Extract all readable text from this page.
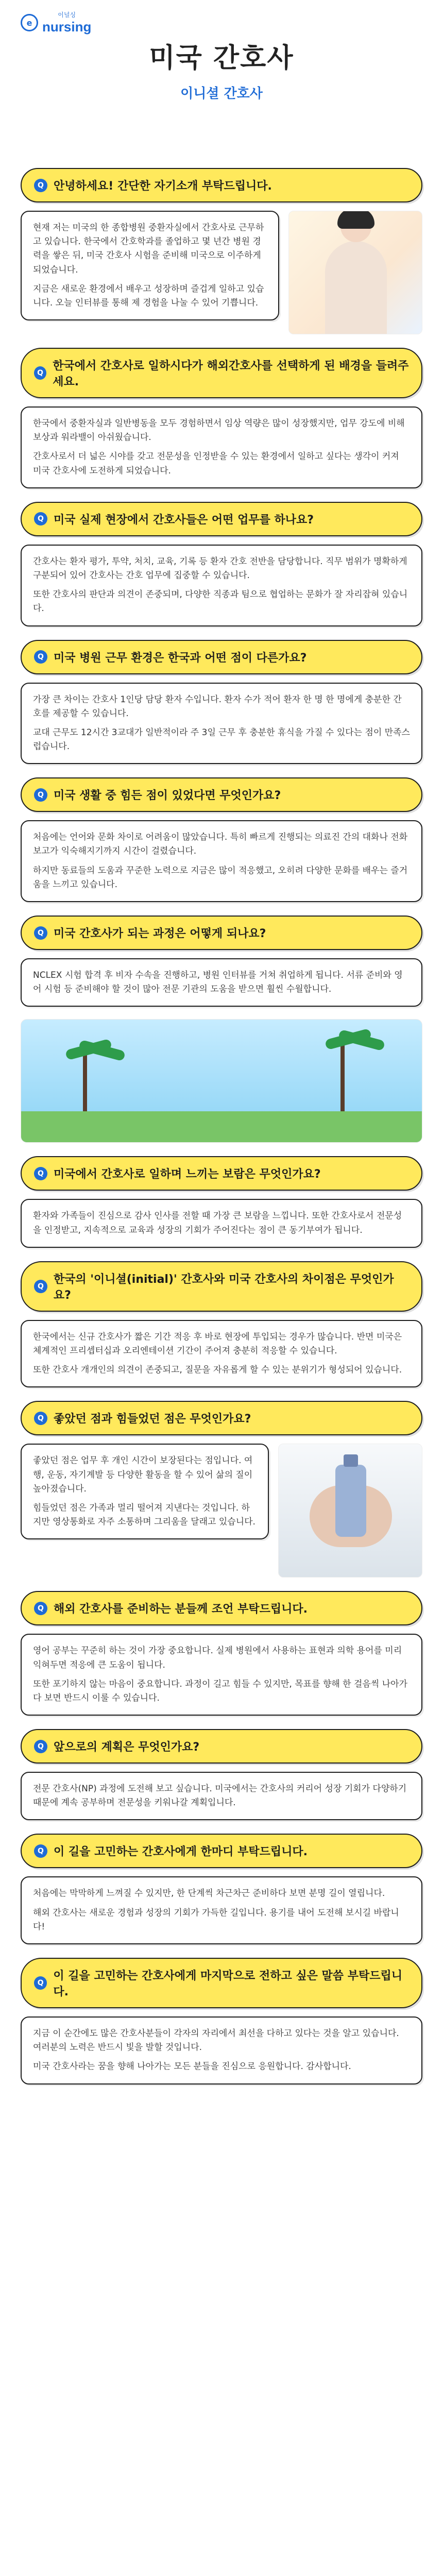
e
이널싱
nursing
미국 간호사
이니셜 간호사
Q 안녕하세요! 간단한 자기소개 부탁드립니다.

현재 저는 미국의 한 종합병원 중환자실에서 간호사로 근무하고 있습니다. 한국에서 간호학과를 졸업하고 몇 년간 병원 경력을 쌓은 뒤, 미국 간호사 시험을 준비해 미국으로 이주하게 되었습니다.

지금은 새로운 환경에서 배우고 성장하며 즐겁게 일하고 있습니다. 오늘 인터뷰를 통해 제 경험을 나눌 수 있어 기쁩니다.

Q
한국에서 간호사로 일하시다가 해외간호사를 선택하게 된 배경을 들려주세요.

한국에서 중환자실과 일반병동을 모두 경험하면서 임상 역량은 많이 성장했지만, 업무 강도에 비해 보상과 워라밸이 아쉬웠습니다.

간호사로서 더 넓은 시야를 갖고 전문성을 인정받을 수 있는 환경에서 일하고 싶다는 생각이 커져 미국 간호사에 도전하게 되었습니다.

Q 미국 실제 현장에서 간호사들은 어떤 업무를 하나요?

간호사는 환자 평가, 투약, 처치, 교육, 기록 등 환자 간호 전반을 담당합니다. 직무 범위가 명확하게 구분되어 있어 간호사는 간호 업무에 집중할 수 있습니다.

또한 간호사의 판단과 의견이 존중되며, 다양한 직종과 팀으로 협업하는 문화가 잘 자리잡혀 있습니다.

Q 미국 병원 근무 환경은 한국과 어떤 점이 다른가요?

가장 큰 차이는 간호사 1인당 담당 환자 수입니다. 환자 수가 적어 환자 한 명 한 명에게 충분한 간호를 제공할 수 있습니다.

교대 근무도 12시간 3교대가 일반적이라 주 3일 근무 후 충분한 휴식을 가질 수 있다는 점이 만족스럽습니다.

Q 미국 생활 중 힘든 점이 있었다면 무엇인가요?

처음에는 언어와 문화 차이로 어려움이 많았습니다. 특히 빠르게 진행되는 의료진 간의 대화나 전화 보고가 익숙해지기까지 시간이 걸렸습니다.

하지만 동료들의 도움과 꾸준한 노력으로 지금은 많이 적응했고, 오히려 다양한 문화를 배우는 즐거움을 느끼고 있습니다.

Q 미국 간호사가 되는 과정은 어떻게 되나요?

NCLEX 시험 합격 후 비자 수속을 진행하고, 병원 인터뷰를 거쳐 취업하게 됩니다. 서류 준비와 영어 시험 등 준비해야 할 것이 많아 전문 기관의 도움을 받으면 훨씬 수월합니다.

Q 미국에서 간호사로 일하며 느끼는 보람은 무엇인가요?

환자와 가족들이 진심으로 감사 인사를 전할 때 가장 큰 보람을 느낍니다. 또한 간호사로서 전문성을 인정받고, 지속적으로 교육과 성장의 기회가 주어진다는 점이 큰 동기부여가 됩니다.

Q
한국의 '이니셜(initial)' 간호사와 미국 간호사의 차이점은 무엇인가요?

한국에서는 신규 간호사가 짧은 기간 적응 후 바로 현장에 투입되는 경우가 많습니다. 반면 미국은 체계적인 프리셉터십과 오리엔테이션 기간이 주어져 충분히 적응할 수 있습니다.

또한 간호사 개개인의 의견이 존중되고, 질문을 자유롭게 할 수 있는 분위기가 형성되어 있습니다.

Q 좋았던 점과 힘들었던 점은 무엇인가요?

좋았던 점은 업무 후 개인 시간이 보장된다는 점입니다. 여행, 운동, 자기계발 등 다양한 활동을 할 수 있어 삶의 질이 높아졌습니다.

힘들었던 점은 가족과 멀리 떨어져 지낸다는 것입니다. 하지만 영상통화로 자주 소통하며 그리움을 달래고 있습니다.

Q 해외 간호사를 준비하는 분들께 조언 부탁드립니다.

영어 공부는 꾸준히 하는 것이 가장 중요합니다. 실제 병원에서 사용하는 표현과 의학 용어를 미리 익혀두면 적응에 큰 도움이 됩니다.

또한 포기하지 않는 마음이 중요합니다. 과정이 길고 힘들 수 있지만, 목표를 향해 한 걸음씩 나아가다 보면 반드시 이룰 수 있습니다.

Q 앞으로의 계획은 무엇인가요?

전문 간호사(NP) 과정에 도전해 보고 싶습니다. 미국에서는 간호사의 커리어 성장 기회가 다양하기 때문에 계속 공부하며 전문성을 키워나갈 계획입니다.

Q 이 길을 고민하는 간호사에게 한마디 부탁드립니다.

처음에는 막막하게 느껴질 수 있지만, 한 단계씩 차근차근 준비하다 보면 분명 길이 열립니다.

해외 간호사는 새로운 경험과 성장의 기회가 가득한 길입니다. 용기를 내어 도전해 보시길 바랍니다!

Q
이 길을 고민하는 간호사에게 마지막으로 전하고 싶은 말씀 부탁드립니다.

지금 이 순간에도 많은 간호사분들이 각자의 자리에서 최선을 다하고 있다는 것을 알고 있습니다. 여러분의 노력은 반드시 빛을 발할 것입니다.

미국 간호사라는 꿈을 향해 나아가는 모든 분들을 진심으로 응원합니다. 감사합니다.
